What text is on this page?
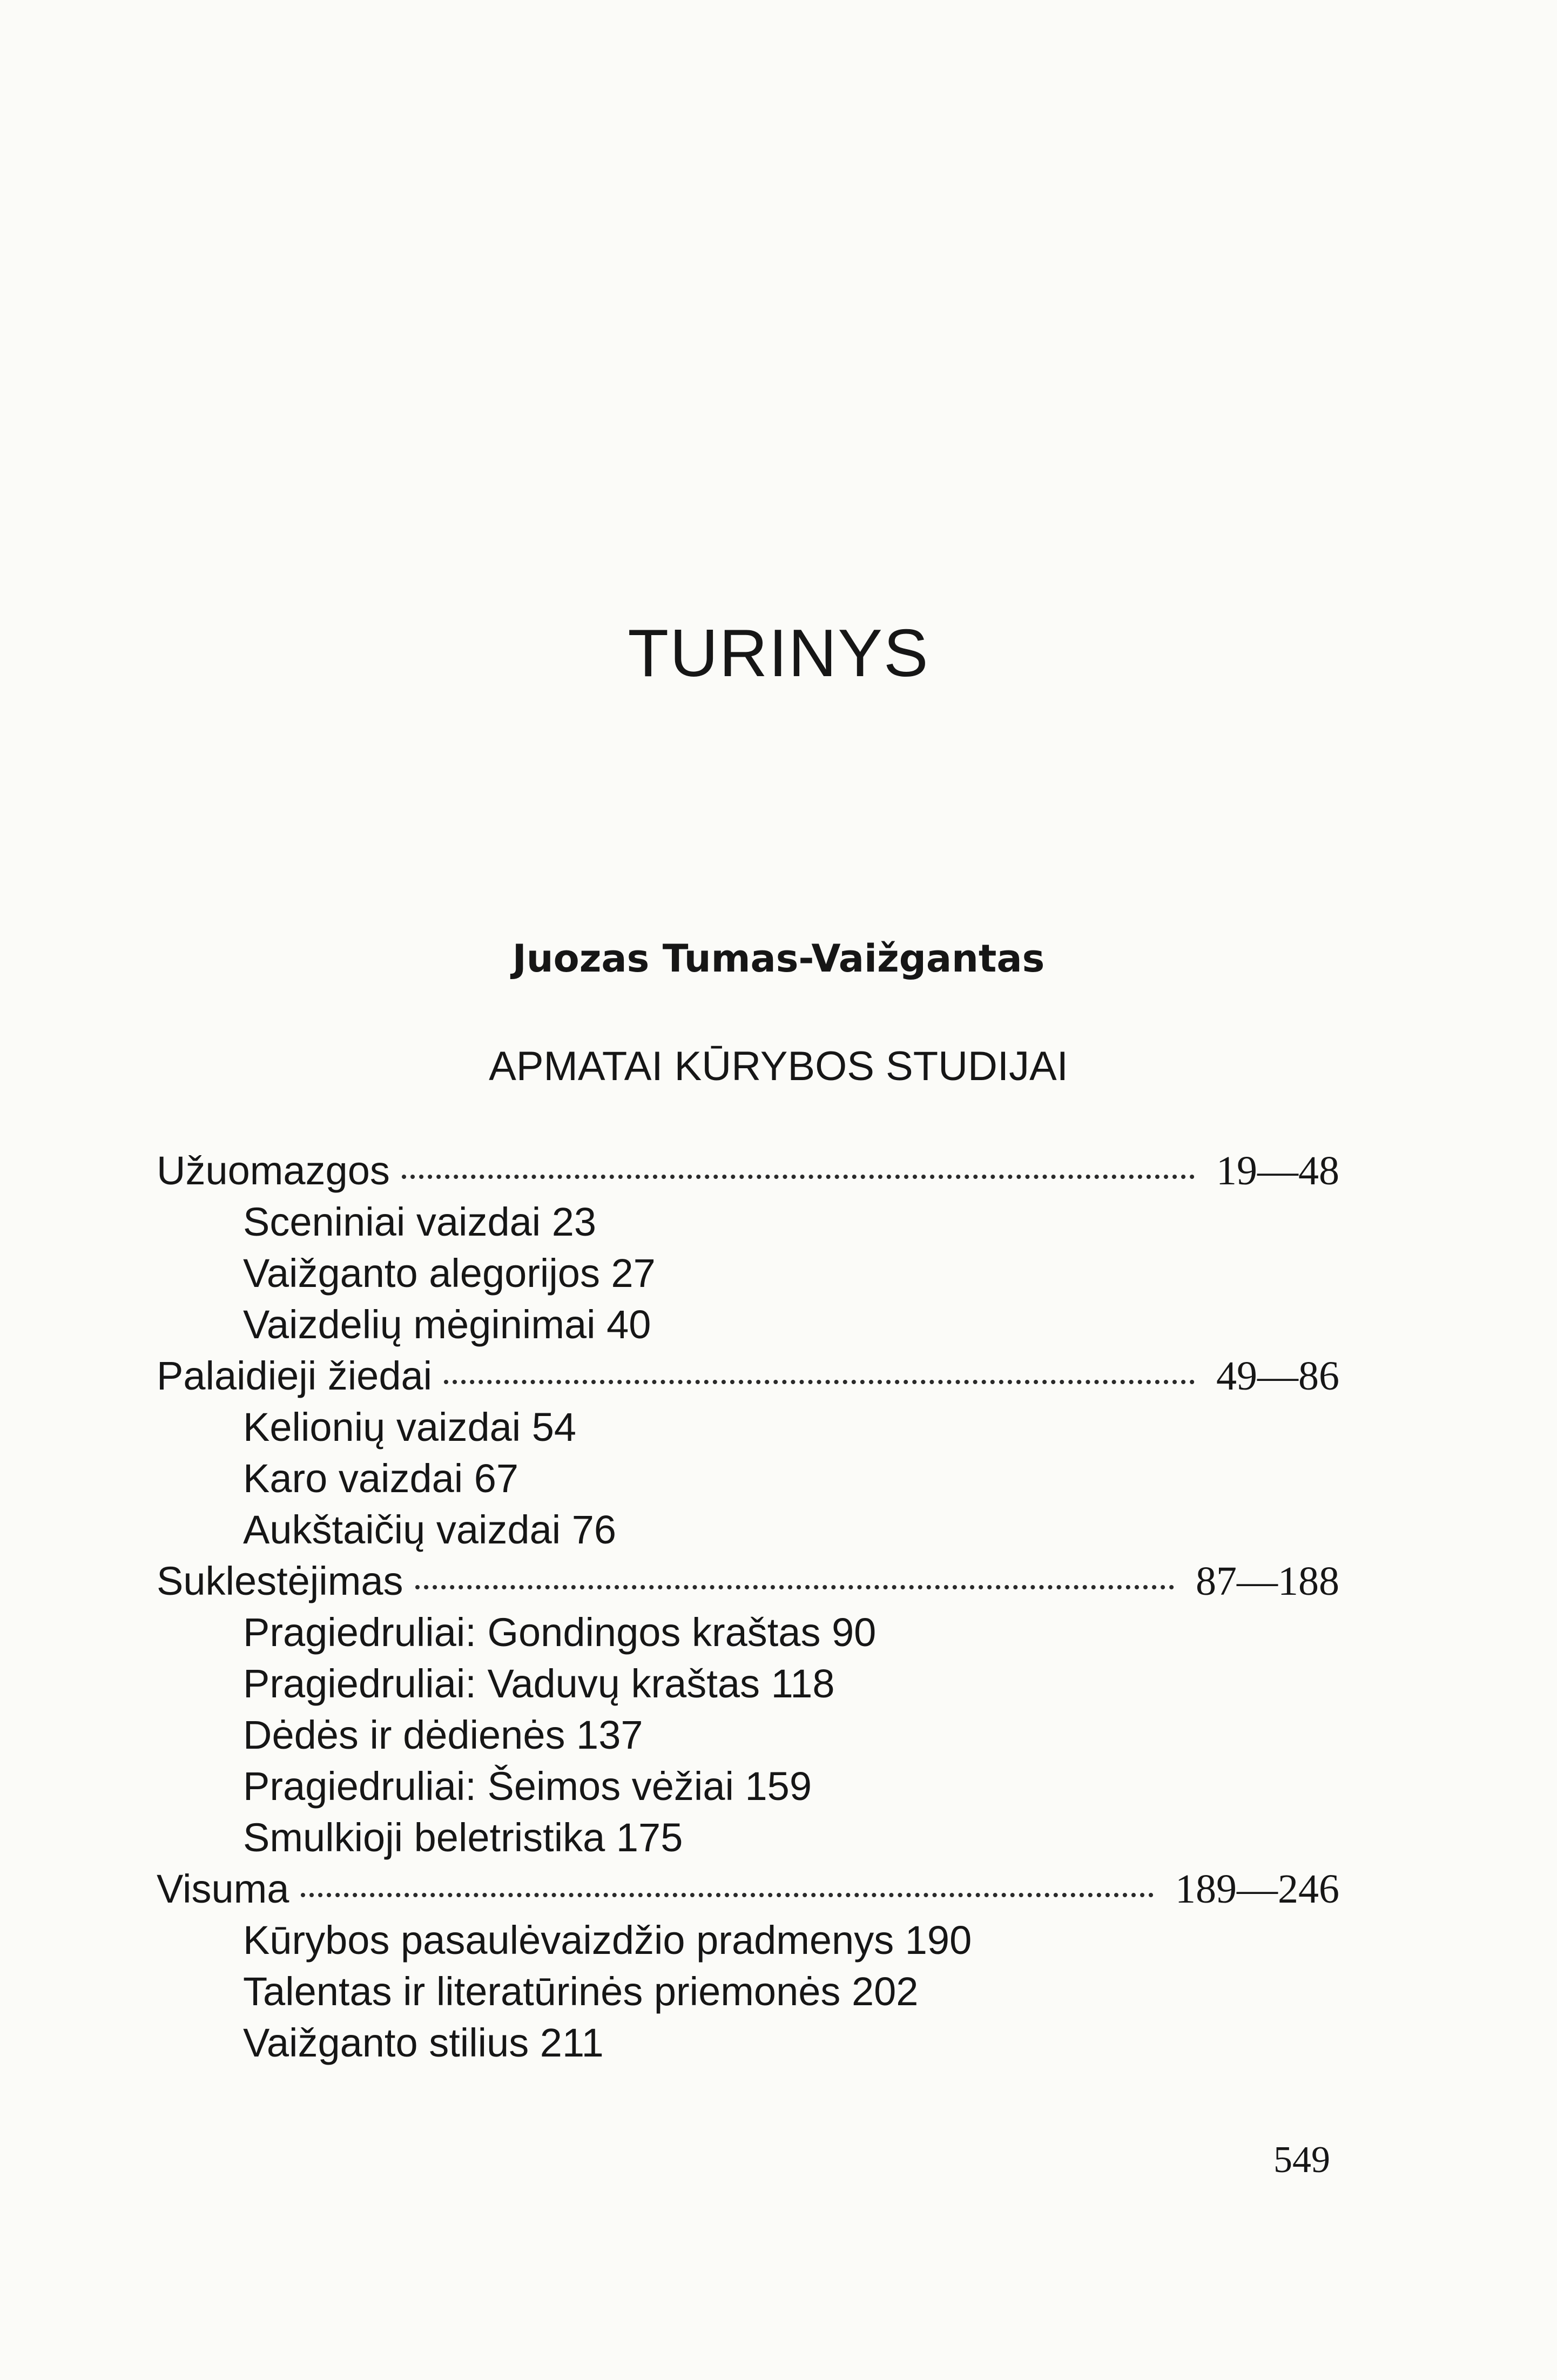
TURINYS
Juozas Tumas-Vaižgantas
APMATAI KŪRYBOS STUDIJAI
Užuomazgos	19—48
Sceniniai vaizdai 23
Vaižganto alegorijos 27
Vaizdelių mėginimai 40
Palaidieji žiedai	49—86
Kelionių vaizdai 54
Karo vaizdai 67
Aukštaičių vaizdai 76
Suklestėjimas	87—188
Pragiedruliai: Gondingos kraštas 90
Pragiedruliai: Vaduvų kraštas 118
Dėdės ir dėdienės 137
Pragiedruliai: Šeimos vėžiai 159
Smulkioji beletristika 175
Visuma	189—246
Kūrybos pasaulėvaizdžio pradmenys 190
Talentas ir literatūrinės priemonės 202
Vaižganto stilius 211
549
